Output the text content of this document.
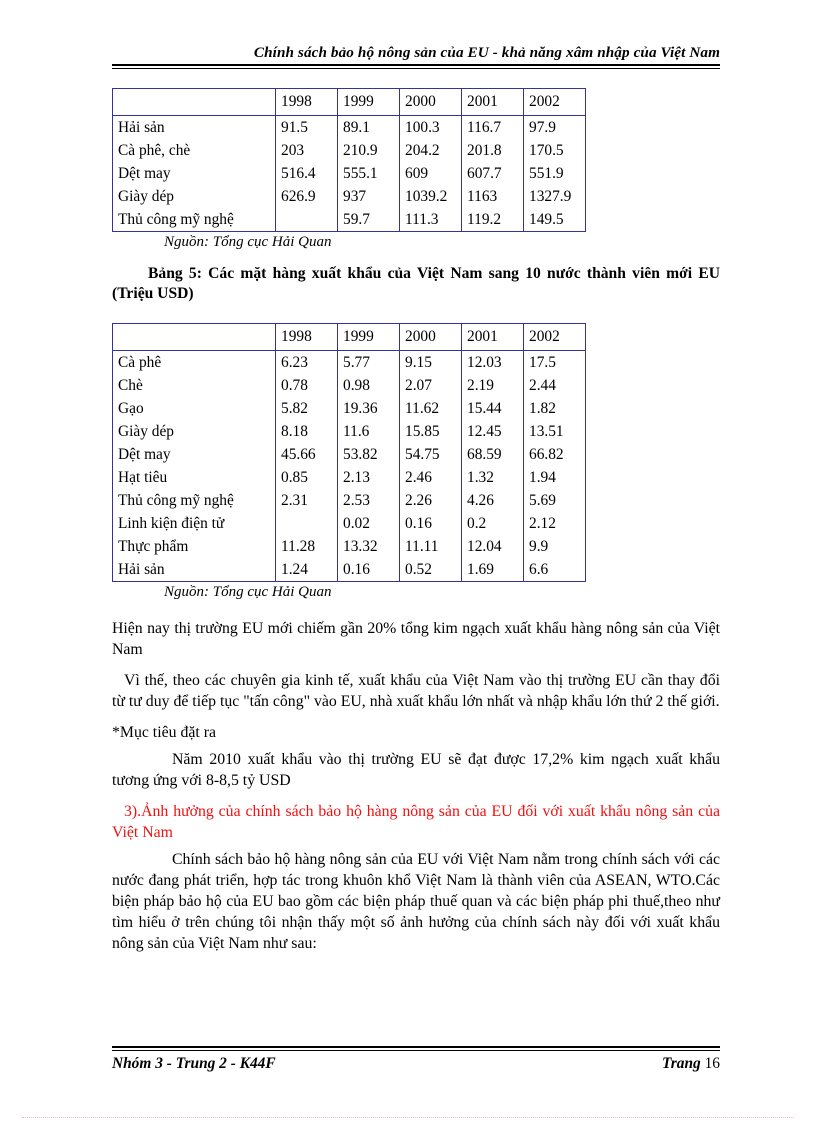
Chính sách bảo hộ nông sản của EU - khả năng xâm nhập của Việt Nam
	1998	1999	2000	2001	2002
Hải sản	91.5	89.1	100.3	116.7	97.9
Cà phê, chè	203	210.9	204.2	201.8	170.5
Dệt may	516.4	555.1	609	607.7	551.9
Giày dép	626.9	937	1039.2	1163	1327.9
Thủ công mỹ nghệ		59.7	111.3	119.2	149.5
Nguồn: Tổng cục Hải Quan
Bảng 5: Các mặt hàng xuất khẩu của Việt Nam sang 10 nước thành viên mới EU (Triệu USD)
	1998	1999	2000	2001	2002
Cà phê	6.23	5.77	9.15	12.03	17.5
Chè	0.78	0.98	2.07	2.19	2.44
Gạo	5.82	19.36	11.62	15.44	1.82
Giày dép	8.18	11.6	15.85	12.45	13.51
Dệt may	45.66	53.82	54.75	68.59	66.82
Hạt tiêu	0.85	2.13	2.46	1.32	1.94
Thủ công mỹ nghệ	2.31	2.53	2.26	4.26	5.69
Linh kiện điện tử		0.02	0.16	0.2	2.12
Thực phẩm	11.28	13.32	11.11	12.04	9.9
Hải sản	1.24	0.16	0.52	1.69	6.6
Nguồn: Tổng cục Hải Quan

Hiện nay thị trường EU mới chiếm gần 20% tổng kim ngạch xuất khẩu hàng nông sản của Việt Nam

Vì thế, theo các chuyên gia kinh tế, xuất khẩu của Việt Nam vào thị trường EU cần thay đổi từ tư duy để tiếp tục "tấn công" vào EU, nhà xuất khẩu lớn nhất và nhập khẩu lớn thứ 2 thế giới.

*Mục tiêu đặt ra

Năm 2010 xuất khẩu vào thị trường EU sẽ đạt được 17,2% kim ngạch xuất khẩu tương ứng với 8-8,5 tỷ USD

3).Ảnh hưởng của chính sách bảo hộ hàng nông sản của EU đối với xuất khẩu nông sản của Việt Nam

Chính sách bảo hộ hàng nông sản của EU với Việt Nam nằm trong chính sách với các nước đang phát triển, hợp tác trong khuôn khổ Việt Nam là thành viên của ASEAN, WTO.Các biện pháp bảo hộ của EU bao gồm các biện pháp thuế quan và các biện pháp phi thuế,theo như tìm hiểu ở trên chúng tôi nhận thấy một số ảnh hưởng của chính sách này đối với xuất khẩu nông sản của Việt Nam như sau:

Nhóm 3 - Trung 2 - K44F	Trang 16
